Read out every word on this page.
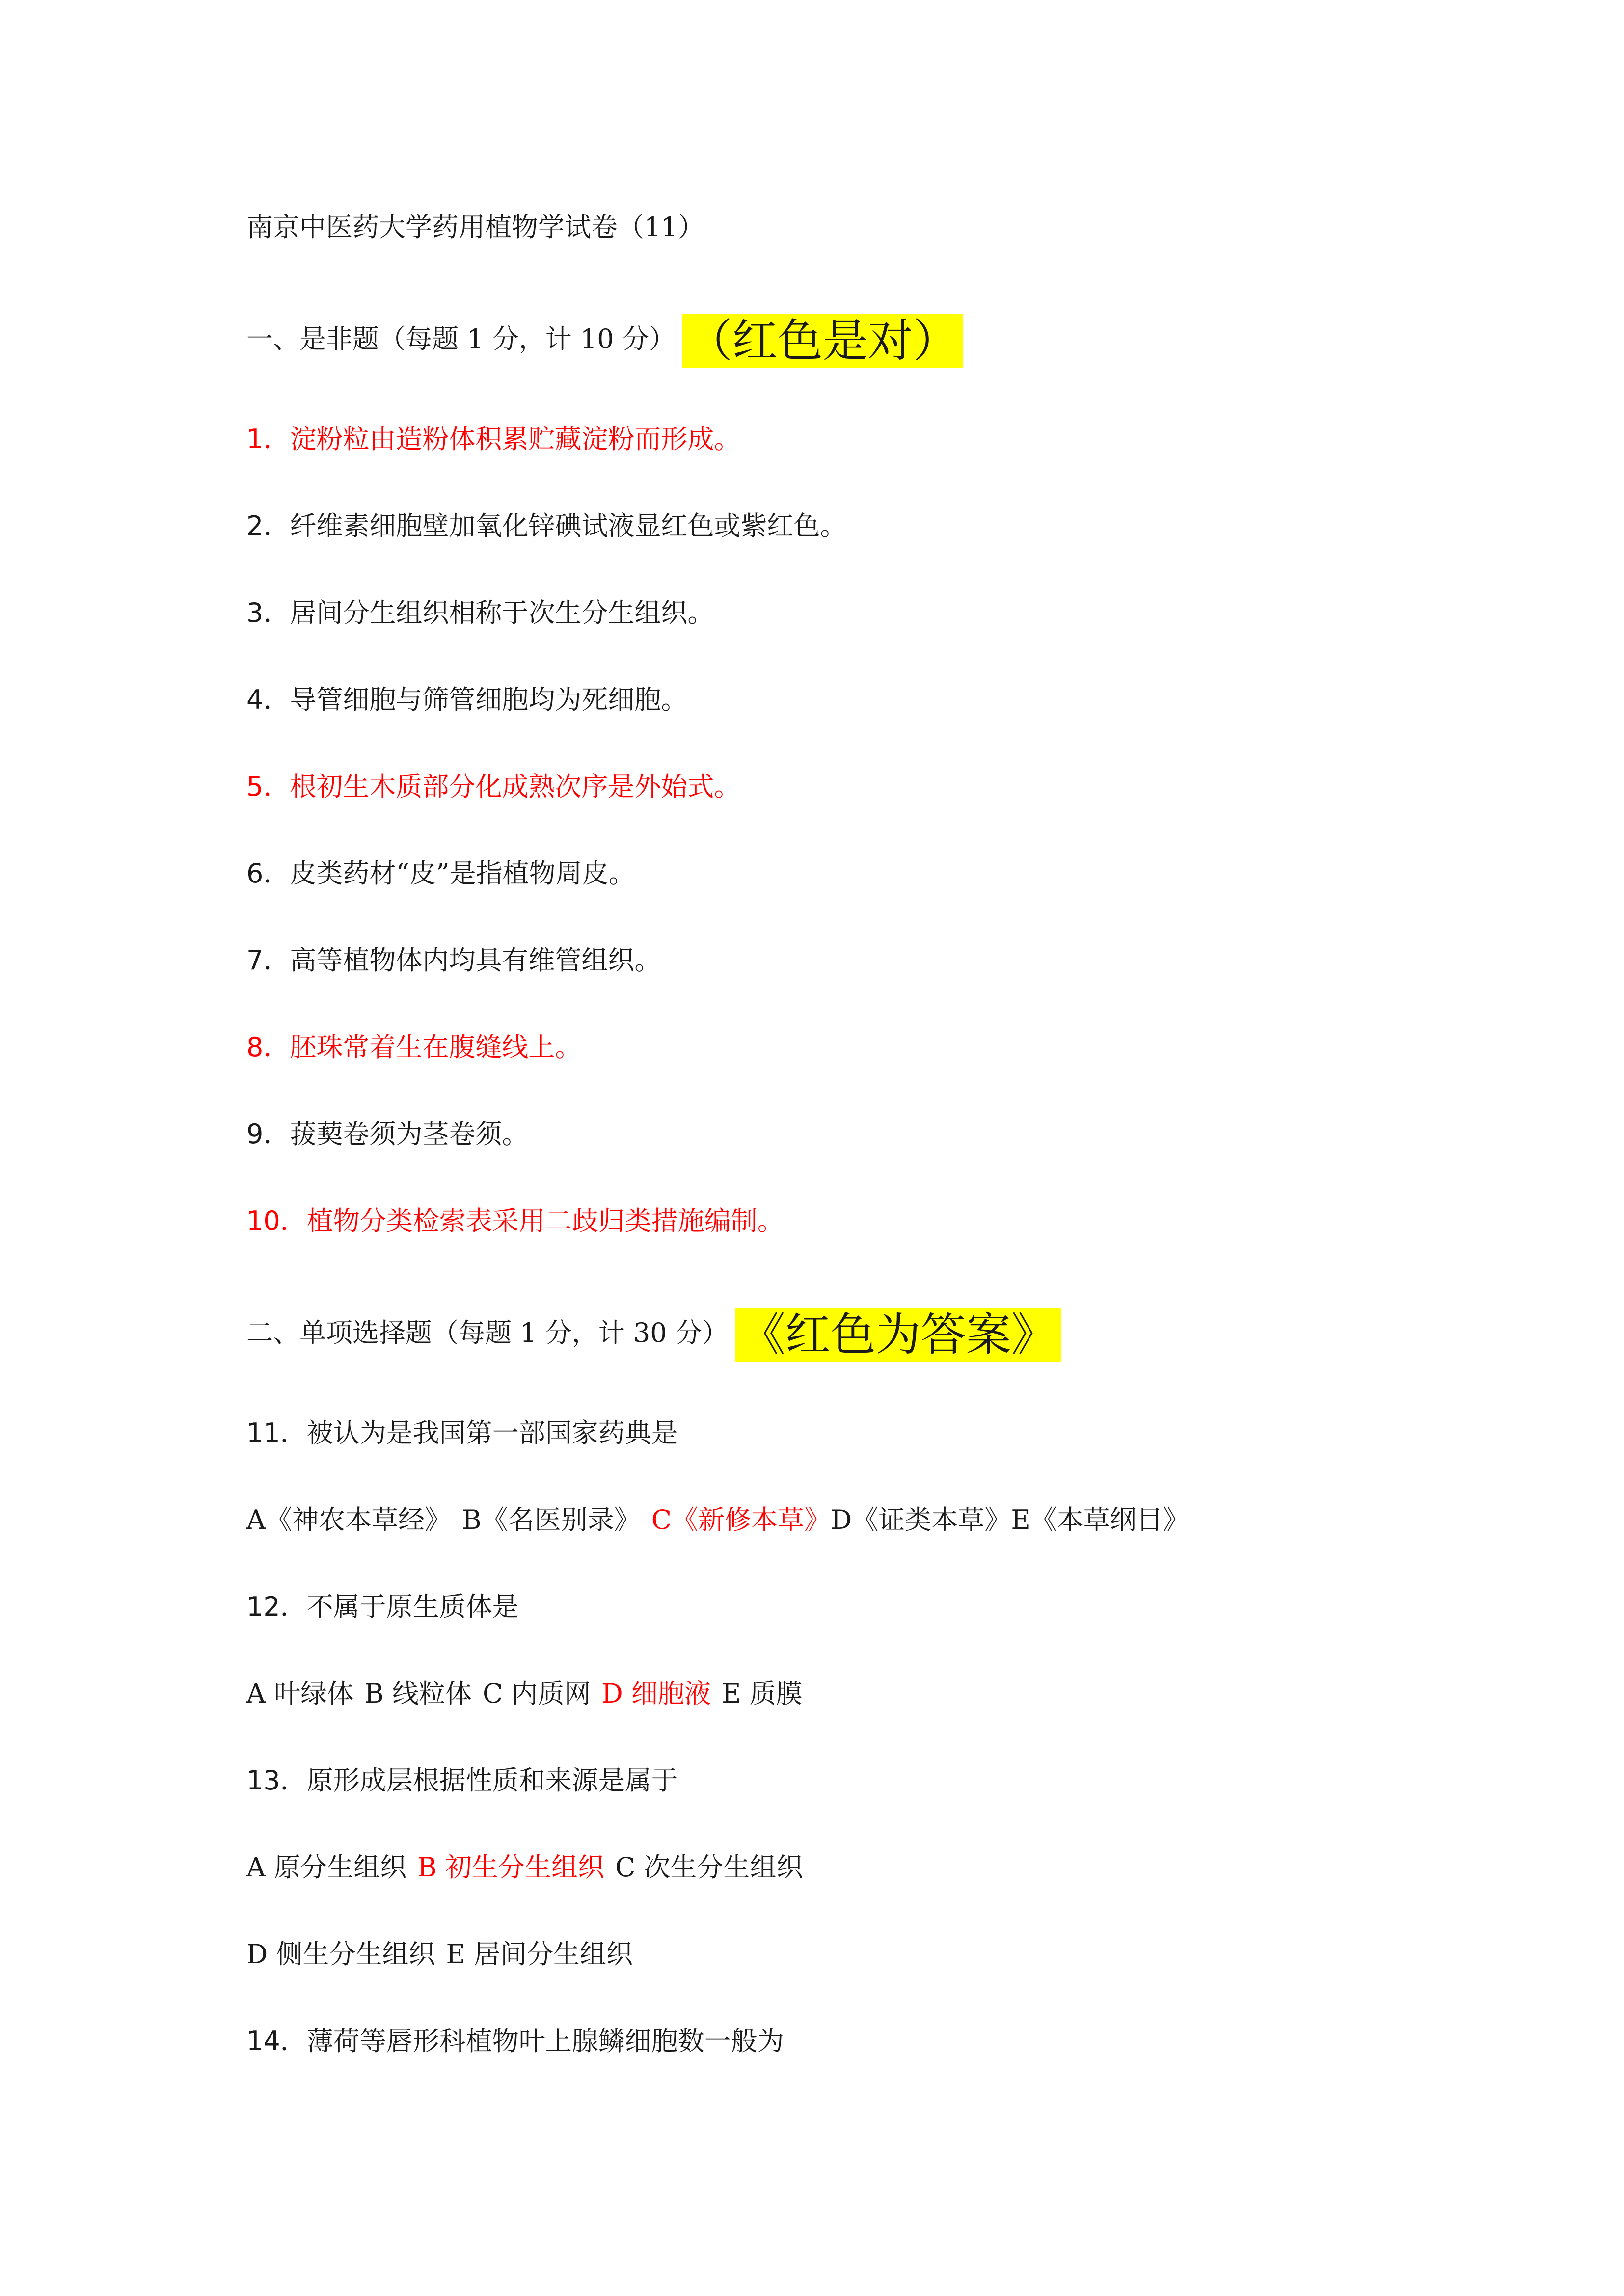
南京中医药大学药用植物学试卷（11）
一、是非题（每题 1 分，计 10 分） （红色是对）
1．淀粉粒由造粉体积累贮藏淀粉而形成。
2．纤维素细胞壁加氧化锌碘试液显红色或紫红色。
3．居间分生组织相称于次生分生组织。
4．导管细胞与筛管细胞均为死细胞。
5．根初生木质部分化成熟次序是外始式。
6．皮类药材“皮”是指植物周皮。
7．高等植物体内均具有维管组织。
8．胚珠常着生在腹缝线上。
9．菝葜卷须为茎卷须。
10．植物分类检索表采用二歧归类措施编制。
二、单项选择题（每题 1 分，计 30 分） 《红色为答案》
11．被认为是我国第一部国家药典是
A《神农本草经》 B《名医别录》 C《新修本草》D《证类本草》E《本草纲目》
12．不属于原生质体是
A 叶绿体 B 线粒体 C 内质网 D 细胞液 E 质膜
13．原形成层根据性质和来源是属于
A 原分生组织 B 初生分生组织 C 次生分生组织
D 侧生分生组织 E 居间分生组织
14．薄荷等唇形科植物叶上腺鳞细胞数一般为
